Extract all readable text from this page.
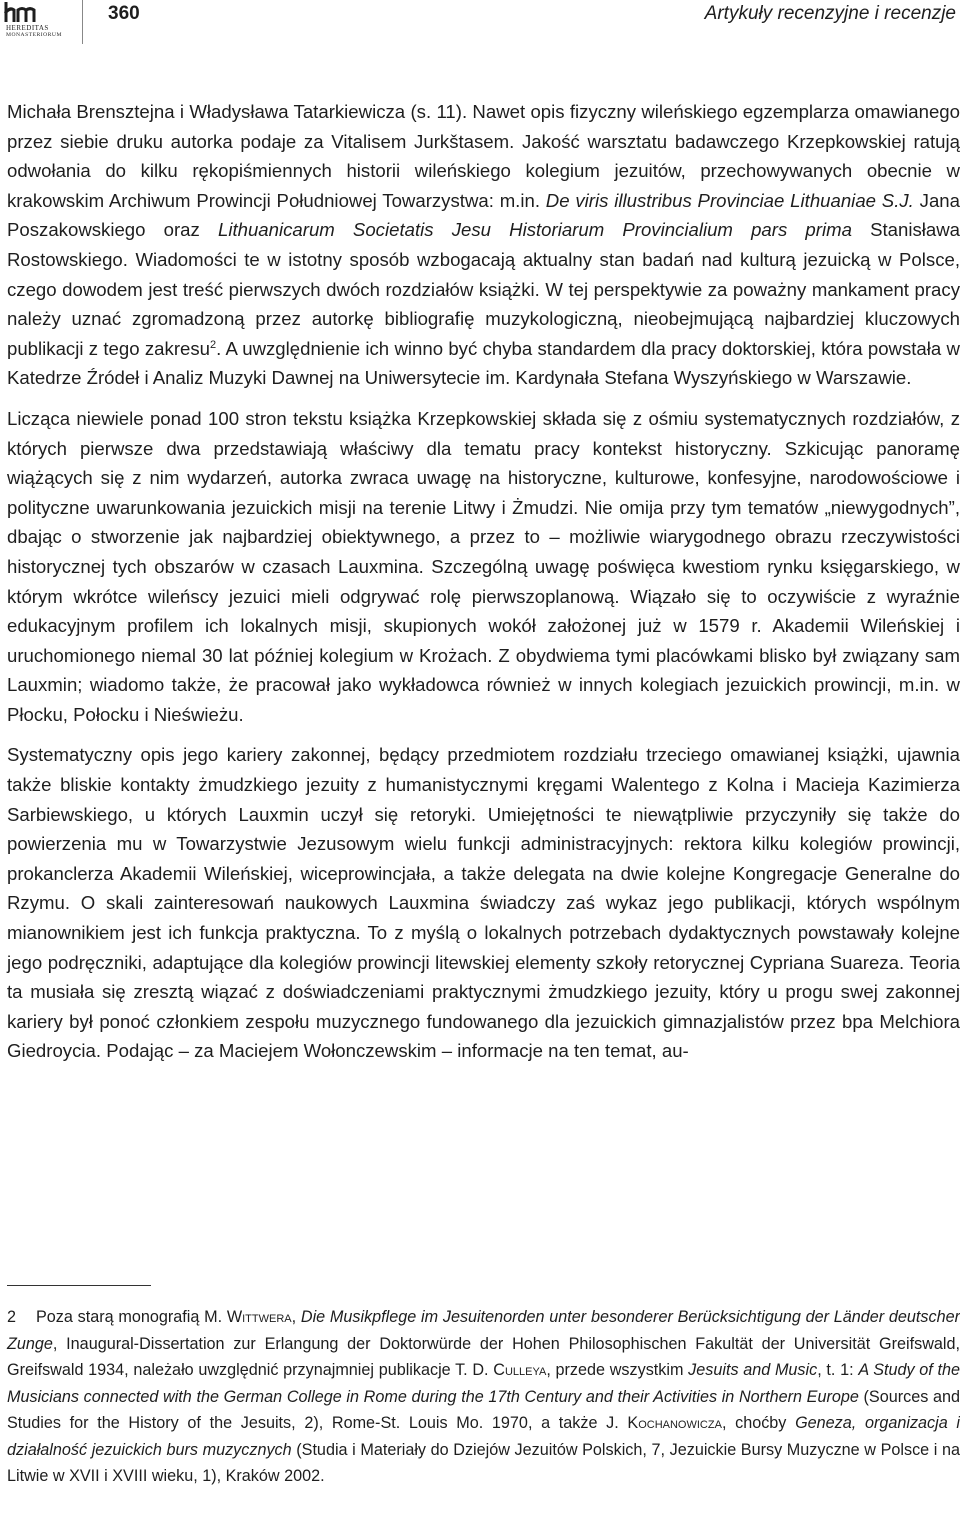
HEREDITAS
MONASTERIORUM
360	Artykuły recenzyjne i recenzje

Michała Brensztejna i Władysława Tatarkiewicza (s. 11). Nawet opis fizyczny wileńskiego egzemplarza omawianego przez siebie druku autorka podaje za Vitalisem Jurkštasem. Jakość warsztatu badawczego Krzepkowskiej ratują odwołania do kilku rękopiśmiennych historii wileńskiego kolegium jezuitów, przechowywanych obecnie w krakowskim Archiwum Prowincji Południowej Towarzystwa: m.in. De viris illustribus Provinciae Lithuaniae S.J. Jana Poszakowskiego oraz Lithuanicarum Societatis Jesu Historiarum Provincialium pars prima Stanisława Rostowskiego. Wiadomości te w istotny sposób wzbogacają aktualny stan badań nad kulturą jezuicką w Polsce, czego dowodem jest treść pierwszych dwóch rozdziałów książki. W tej perspektywie za poważny mankament pracy należy uznać zgromadzoną przez autorkę bibliografię muzykologiczną, nieobejmującą najbardziej kluczowych publikacji z tego zakresu$^2$. A uwzględnienie ich winno być chyba standardem dla pracy doktorskiej, która powstała w Katedrze Źródeł i Analiz Muzyki Dawnej na Uniwersytecie im. Kardynała Stefana Wyszyńskiego w Warszawie.

Licząca niewiele ponad 100 stron tekstu książka Krzepkowskiej składa się z ośmiu systematycznych rozdziałów, z których pierwsze dwa przedstawiają właściwy dla tematu pracy kontekst historyczny. Szkicując panoramę wiążących się z nim wydarzeń, autorka zwraca uwagę na historyczne, kulturowe, konfesyjne, narodowościowe i polityczne uwarunkowania jezuickich misji na terenie Litwy i Żmudzi. Nie omija przy tym tematów „niewygodnych”, dbając o stworzenie jak najbardziej obiektywnego, a przez to – możliwie wiarygodnego obrazu rzeczywistości historycznej tych obszarów w czasach Lauxmina. Szczególną uwagę poświęca kwestiom rynku księgarskiego, w którym wkrótce wileńscy jezuici mieli odgrywać rolę pierwszoplanową. Wiązało się to oczywiście z wyraźnie edukacyjnym profilem ich lokalnych misji, skupionych wokół założonej już w 1579 r. Akademii Wileńskiej i uruchomionego niemal 30 lat później kolegium w Krożach. Z obydwiema tymi placówkami blisko był związany sam Lauxmin; wiadomo także, że pracował jako wykładowca również w innych kolegiach jezuickich prowincji, m.in. w Płocku, Połocku i Nieświeżu.

Systematyczny opis jego kariery zakonnej, będący przedmiotem rozdziału trzeciego omawianej książki, ujawnia także bliskie kontakty żmudzkiego jezuity z humanistycznymi kręgami Walentego z Kolna i Macieja Kazimierza Sarbiewskiego, u których Lauxmin uczył się retoryki. Umiejętności te niewątpliwie przyczyniły się także do powierzenia mu w Towarzystwie Jezusowym wielu funkcji administracyjnych: rektora kilku kolegiów prowincji, prokanclerza Akademii Wileńskiej, wiceprowincjała, a także delegata na dwie kolejne Kongregacje Generalne do Rzymu. O skali zainteresowań naukowych Lauxmina świadczy zaś wykaz jego publikacji, których wspólnym mianownikiem jest ich funkcja praktyczna. To z myślą o lokalnych potrzebach dydaktycznych powstawały kolejne jego podręczniki, adaptujące dla kolegiów prowincji litewskiej elementy szkoły retorycznej Cypriana Suareza. Teoria ta musiała się zresztą wiązać z doświadczeniami praktycznymi żmudzkiego jezuity, który u progu swej zakonnej kariery był ponoć członkiem zespołu muzycznego fundowanego dla jezuickich gimnazjalistów przez bpa Melchiora Giedroycia. Podając – za Maciejem Wołonczewskim – informacje na ten temat, au-

2 Poza starą monografią M. Wittwera, Die Musikpflege im Jesuitenorden unter besonderer Berücksichtigung der Länder deutscher Zunge, Inaugural-Dissertation zur Erlangung der Doktorwürde der Hohen Philosophischen Fakultät der Universität Greifswald, Greifswald 1934, należało uwzględnić przynajmniej publikacje T. D. Culleya, przede wszystkim Jesuits and Music, t. 1: A Study of the Musicians connected with the German College in Rome during the 17th Century and their Activities in Northern Europe (Sources and Studies for the History of the Jesuits, 2), Rome-St. Louis Mo. 1970, a także J. Kochanowicza, choćby Geneza, organizacja i działalność jezuickich burs muzycznych (Studia i Materiały do Dziejów Jezuitów Polskich, 7, Jezuickie Bursy Muzyczne w Polsce i na Litwie w XVII i XVIII wieku, 1), Kraków 2002.
